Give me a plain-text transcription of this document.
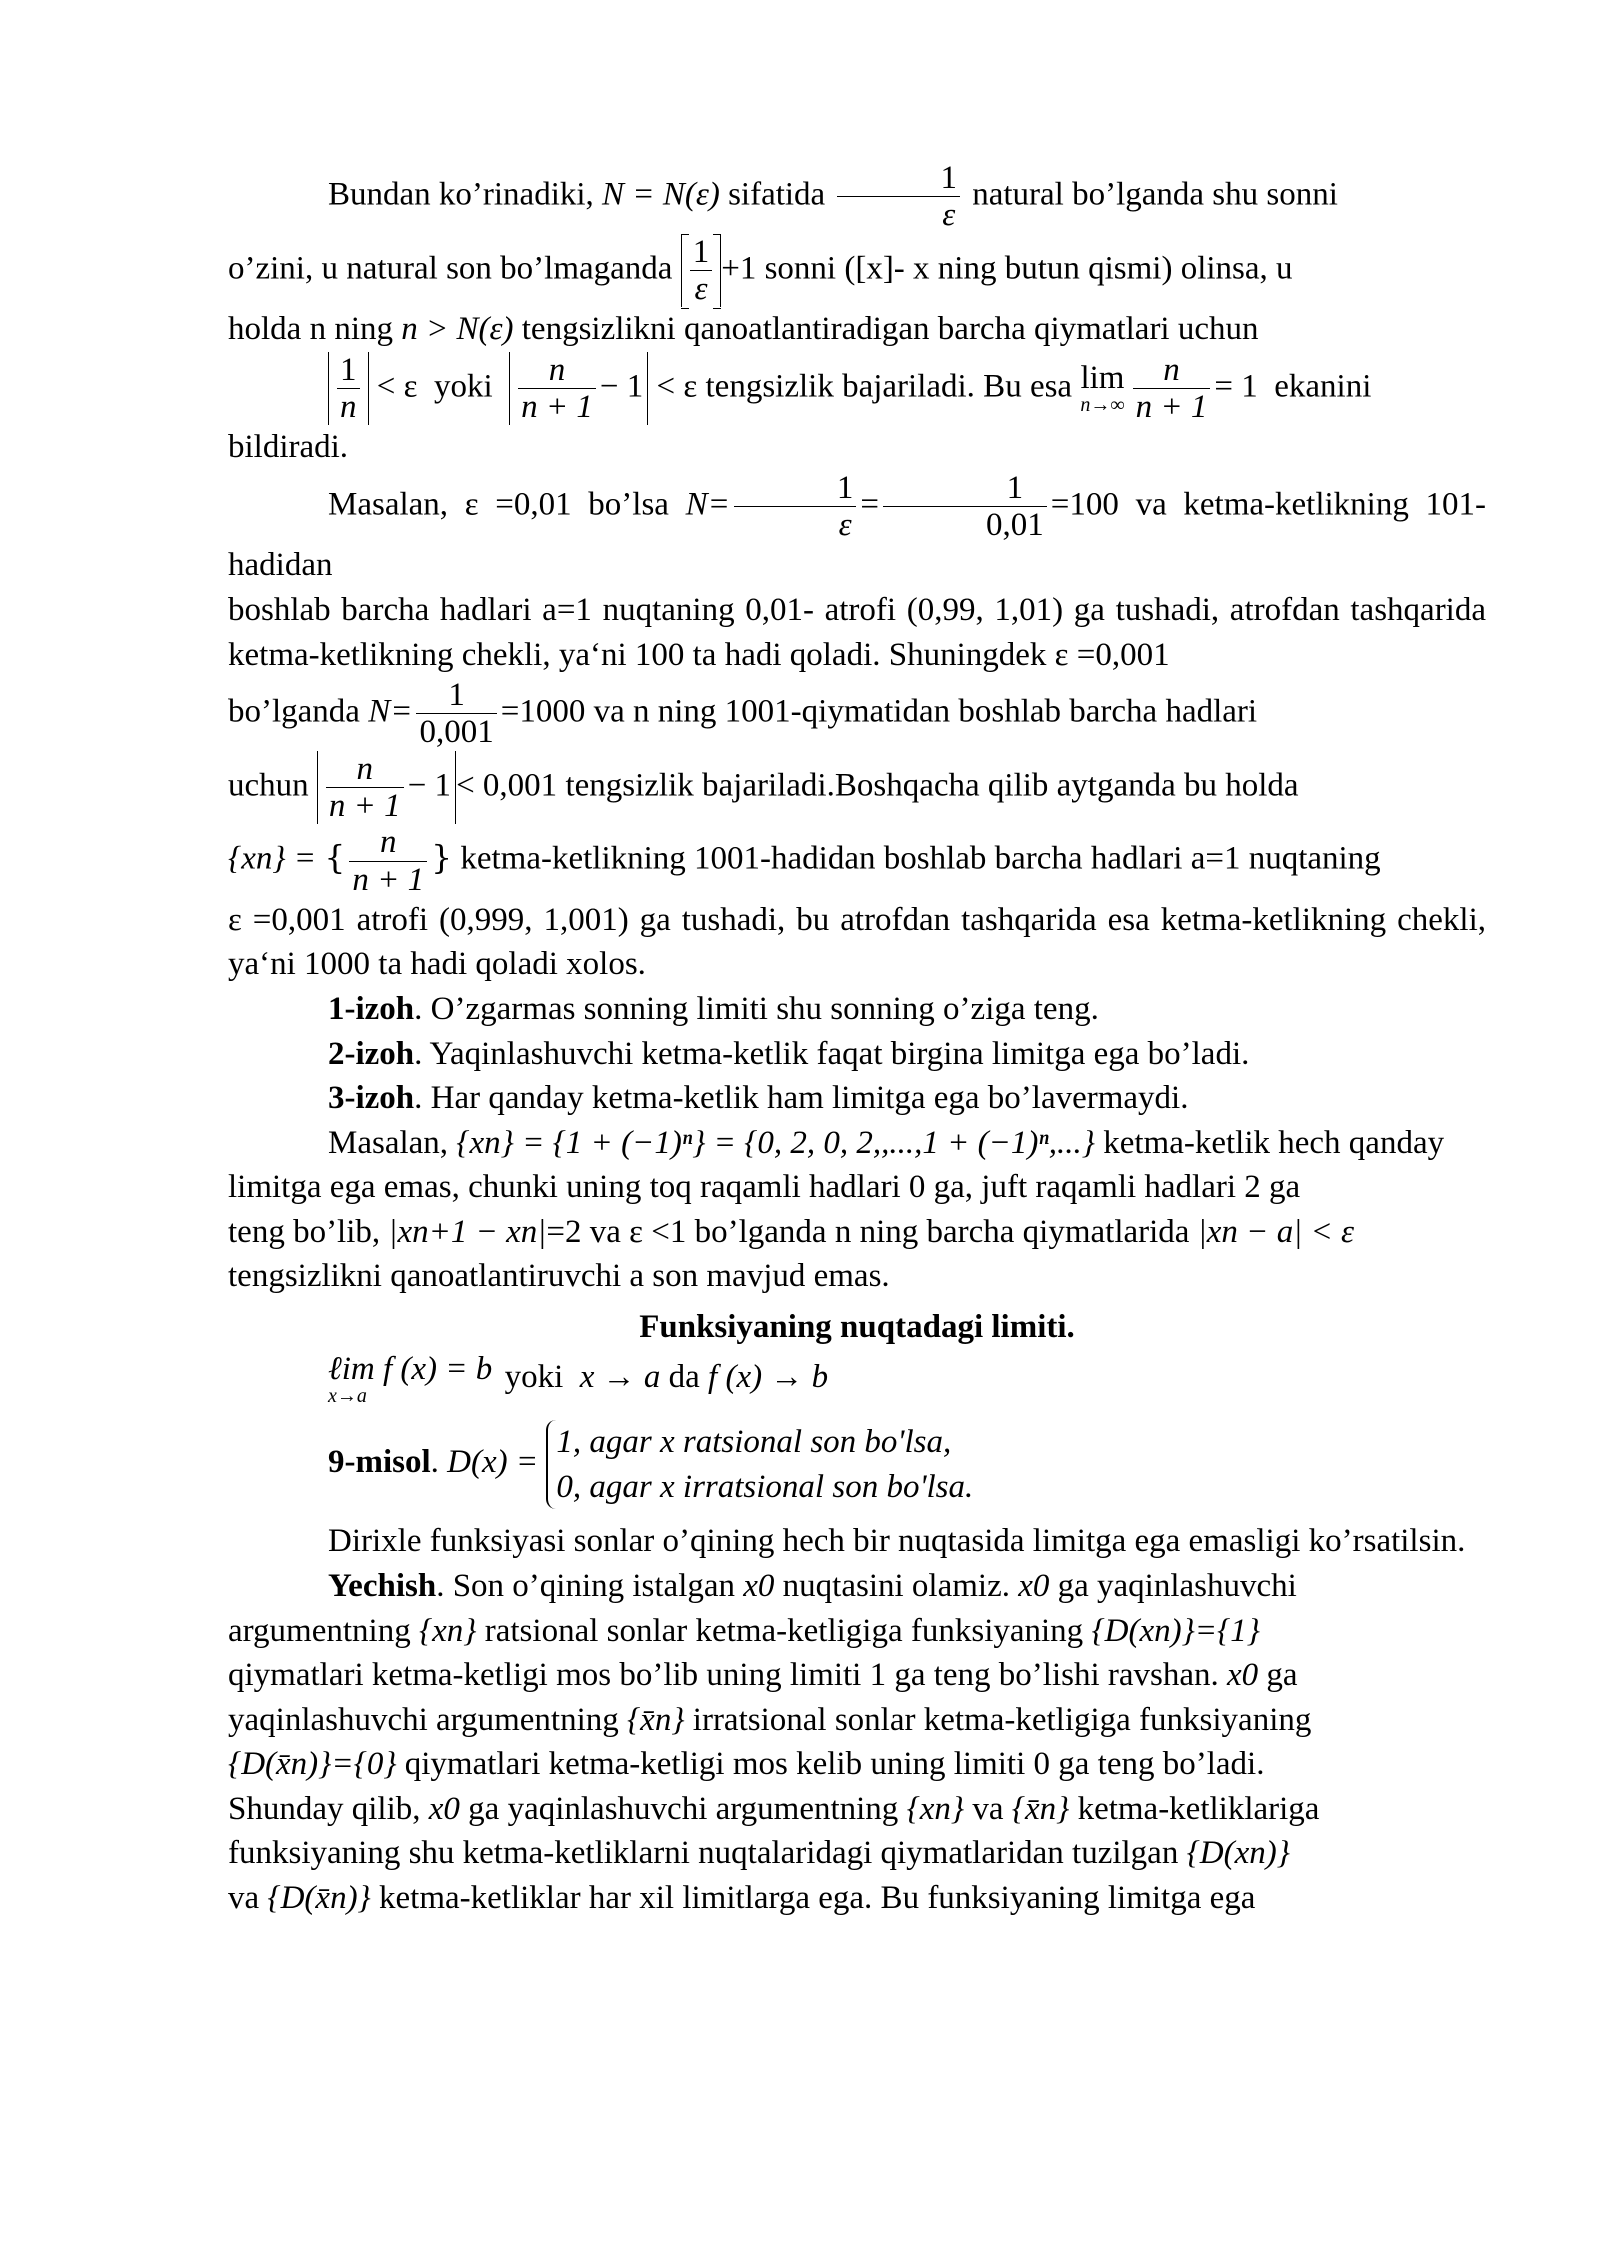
Bundan ko’rinadiki, N = N(ε) sifatida $\frac{1}{\varepsilon}$ natural bo’lganda shu sonni

o’zini, u natural son bo’lmaganda $\frac{1}{\varepsilon} +1$ sonni ([x]- x ning butun qismi) olinsa, u

holda n ning n > N(ε) tengsizlikni qanoatlantiradigan barcha qiymatlari uchun

$\frac{1}{n} < \varepsilon$ yoki $\frac{n}{n + 1} - 1 < \varepsilon$ tengsizlik bajariladi. Bu esa lim
$n\to\infty \frac{n}{n + 1} = 1$ ekanini

bildiradi.

Masalan, ε =0,01 bo’lsa $N= \frac{1}{\varepsilon} = \frac{1}{0,01} =100$ va ketma-ketlikning 101-hadidan

boshlab barcha hadlari a=1 nuqtaning 0,01- atrofi (0,99, 1,01) ga tushadi, atrofdan tashqarida ketma-ketlikning chekli, ya‘ni 100 ta hadi qoladi. Shuningdek ε =0,001

bo’lganda $N= \frac{1}{0,001} =1000$ va n ning 1001-qiymatidan boshlab barcha hadlari

uchun $\frac{n}{n + 1} - 1 < 0,001$ tengsizlik bajariladi.Boshqacha qilib aytganda bu holda

{xn} = { $\frac{n}{n + 1}$ } ketma-ketlikning 1001-hadidan boshlab barcha hadlari a=1 nuqtaning

ε =0,001 atrofi (0,999, 1,001) ga tushadi, bu atrofdan tashqarida esa ketma-ketlikning chekli, ya‘ni 1000 ta hadi qoladi xolos.

1-izoh. O’zgarmas sonning limiti shu sonning o’ziga teng.

2-izoh. Yaqinlashuvchi ketma-ketlik faqat birgina limitga ega bo’ladi.

3-izoh. Har qanday ketma-ketlik ham limitga ega bo’lavermaydi.

Masalan, {xn} = {1 + (−1)ⁿ} = {0, 2, 0, 2,,...,1 + (−1)ⁿ,...} ketma-ketlik hech qanday

limitga ega emas, chunki uning toq raqamli hadlari 0 ga, juft raqamli hadlari 2 ga

teng bo’lib, |xn+1 − xn|=2 va ε <1 bo’lganda n ning barcha qiymatlarida |xn − a| < ε

tengsizlikni qanoatlantiruvchi a son mavjud emas.

Funksiyaning nuqtadagi limiti.

ℓim f (x) = b
x→a
yoki x → a da f (x) → b

9-misol. D(x) =
1, agar x ratsional son bo'lsa,
0, agar x irratsional son bo'lsa.

Dirixle funksiyasi sonlar o’qining hech bir nuqtasida limitga ega emasligi ko’rsatilsin.

Yechish. Son o’qining istalgan x0 nuqtasini olamiz. x0 ga yaqinlashuvchi

argumentning {xn} ratsional sonlar ketma-ketligiga funksiyaning {D(xn)}={1}

qiymatlari ketma-ketligi mos bo’lib uning limiti 1 ga teng bo’lishi ravshan. x0 ga

yaqinlashuvchi argumentning {x̄n} irratsional sonlar ketma-ketligiga funksiyaning

{D(x̄n)}={0} qiymatlari ketma-ketligi mos kelib uning limiti 0 ga teng bo’ladi.

Shunday qilib, x0 ga yaqinlashuvchi argumentning {xn} va {x̄n} ketma-ketliklariga

funksiyaning shu ketma-ketliklarni nuqtalaridagi qiymatlaridan tuzilgan {D(xn)}

va {D(x̄n)} ketma-ketliklar har xil limitlarga ega. Bu funksiyaning limitga ega
